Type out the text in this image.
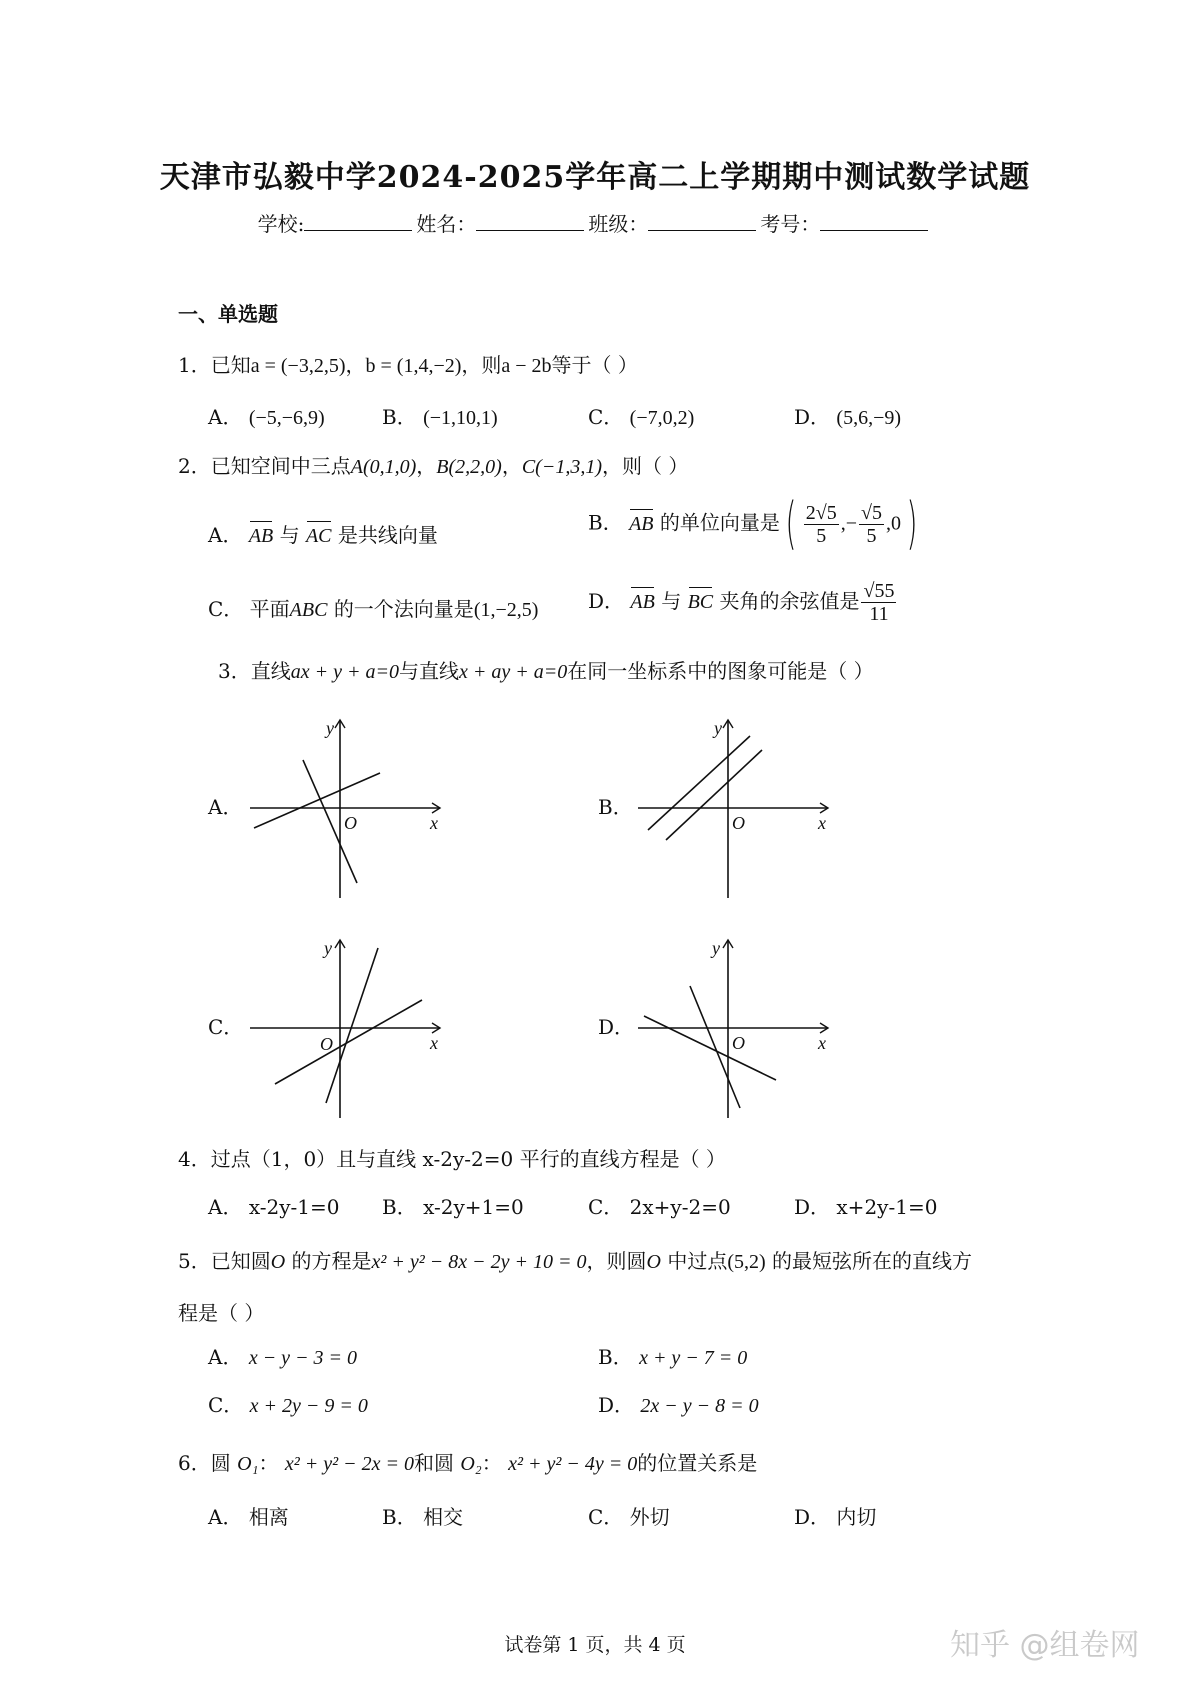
天津市弘毅中学2024-2025学年高二上学期期中测试数学试题
学校:	姓名：	班级：	考号：
一、单选题
1．已知a = (−3,2,5)，b = (1,4,−2)，则a − 2b等于（ ）
A． (−5,−6,9)	B． (−1,10,1)	C． (−7,0,2)	D． (5,6,−9)
2．已知空间中三点A(0,1,0)，B(2,2,0)，C(−1,3,1)，则（ ）
A． AB 与 AC 是共线向量
B． AB 的单位向量是( $\frac{2√5}{5}$ ,− $\frac{√5}{5} ,0$)
C． 平面ABC 的一个法向量是(1,−2,5) D． AB 与 BC 夹角的余弦值是 $\frac{√55}{11}$
3．直线ax + y + a=0与直线x + ay + a=0在同一坐标系中的图象可能是（ ）
A．	B．
C．	D．
y
x
O
y
x
O
y
x
O
y
x
O
4．过点（1，0）且与直线 x-2y-2=0 平行的直线方程是（ ）
A． x-2y-1=0 B． x-2y+1=0	C． 2x+y-2=0	D． x+2y-1=0
5．已知圆O 的方程是x² + y² − 8x − 2y + 10 = 0，则圆O 中过点(5,2) 的最短弦所在的直线方
程是（ ）
A． x − y − 3 = 0	B． x + y − 7 = 0
C． x + 2y − 9 = 0	D． 2x − y − 8 = 0
6．圆 O₁： x² + y² − 2x = 0和圆 O₂： x² + y² − 4y = 0的位置关系是
A． 相离	B． 相交	C． 外切	D． 内切
试卷第 1 页，共 4 页	知乎 @组卷网
